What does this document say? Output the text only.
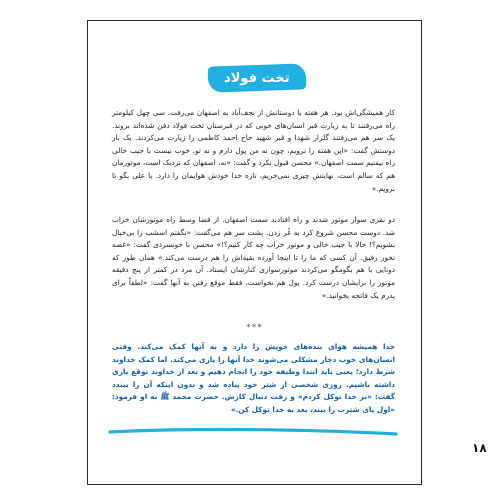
تخت فولاد

کار همیشگی‌اش بود. هر هفته با دوستانش از نجف‌آباد به اصفهان می‌رفت. سی چهل کیلومتر راه می‌رفتند تا به زیارت قبر انسان‌های خوبی که در قبرستان تخت فولاد دفن شده‌اند بروند. یک سر هم می‌رفتند گلزار شهدا و قبر شهید حاج احمد کاظمی را زیارت می‌کردند. یک بار دوستش گفت: «این هفته را نرویم، چون نه من پول دارم و نه تو. خوب نیست با جیب خالی راه بیفتیم سمت اصفهان.» محسن قبول نکرد و گفت: «نه، اصفهان که نزدیک است، موتورمان هم که سالم است، نهایتش چیزی نمی‌خریم، تازه خدا خودش هوایمان را دارد. یا علی بگو تا برویم.»

دو نفری سوار موتور شدند و راه افتادند سمت اصفهان. از قضا وسط راه موتورشان خراب شد. دوست محسن شروع کرد به غُر زدن. پشت سر هم می‌گفت: «نگفتم اسشب را بی‌خیال بشویم؟! حالا با جیب خالی و موتور خراب چه کار کنیم؟!» محسن با خونسردی گفت: «غصه نخور رفیق. آن کسی که ما را تا اینجا آورده بقیه‌اش را هم درست می‌کند.» همان طور که دونایی با هم بگومگو می‌کردند موتورسواری کنارشان ایستاد. آن مرد در کمتر از پنج دقیقه موتور را برایشان درست کرد. پول هم نخواست، فقط موقع رفتن به آنها گفت: «لطفاً برای پدرم یک فاتحه بخوانید.»

***

خدا همیشه هوای بنده‌های خویش را دارد و به آنها کمک می‌کند. وقتی انسان‌های خوب دچار مشکلی می‌شوند خدا آنها را یاری می‌کند. اما کمک خداوند شرط دارد؛ یعنی باید ابتدا وظیفه خود را انجام دهیم و بعد از خداوند توقع یاری داشته باشیم. روزی شخصی از شتر خود پیاده شد و بدون اینکه آن را ببندد گفت: «بر خدا توکل کردم» و رفت دنبال کارش. حضرت محمد ﷺ به او فرمود: «اول پای شترت را ببند، بعد به خدا توکل کن.»

۱۸
